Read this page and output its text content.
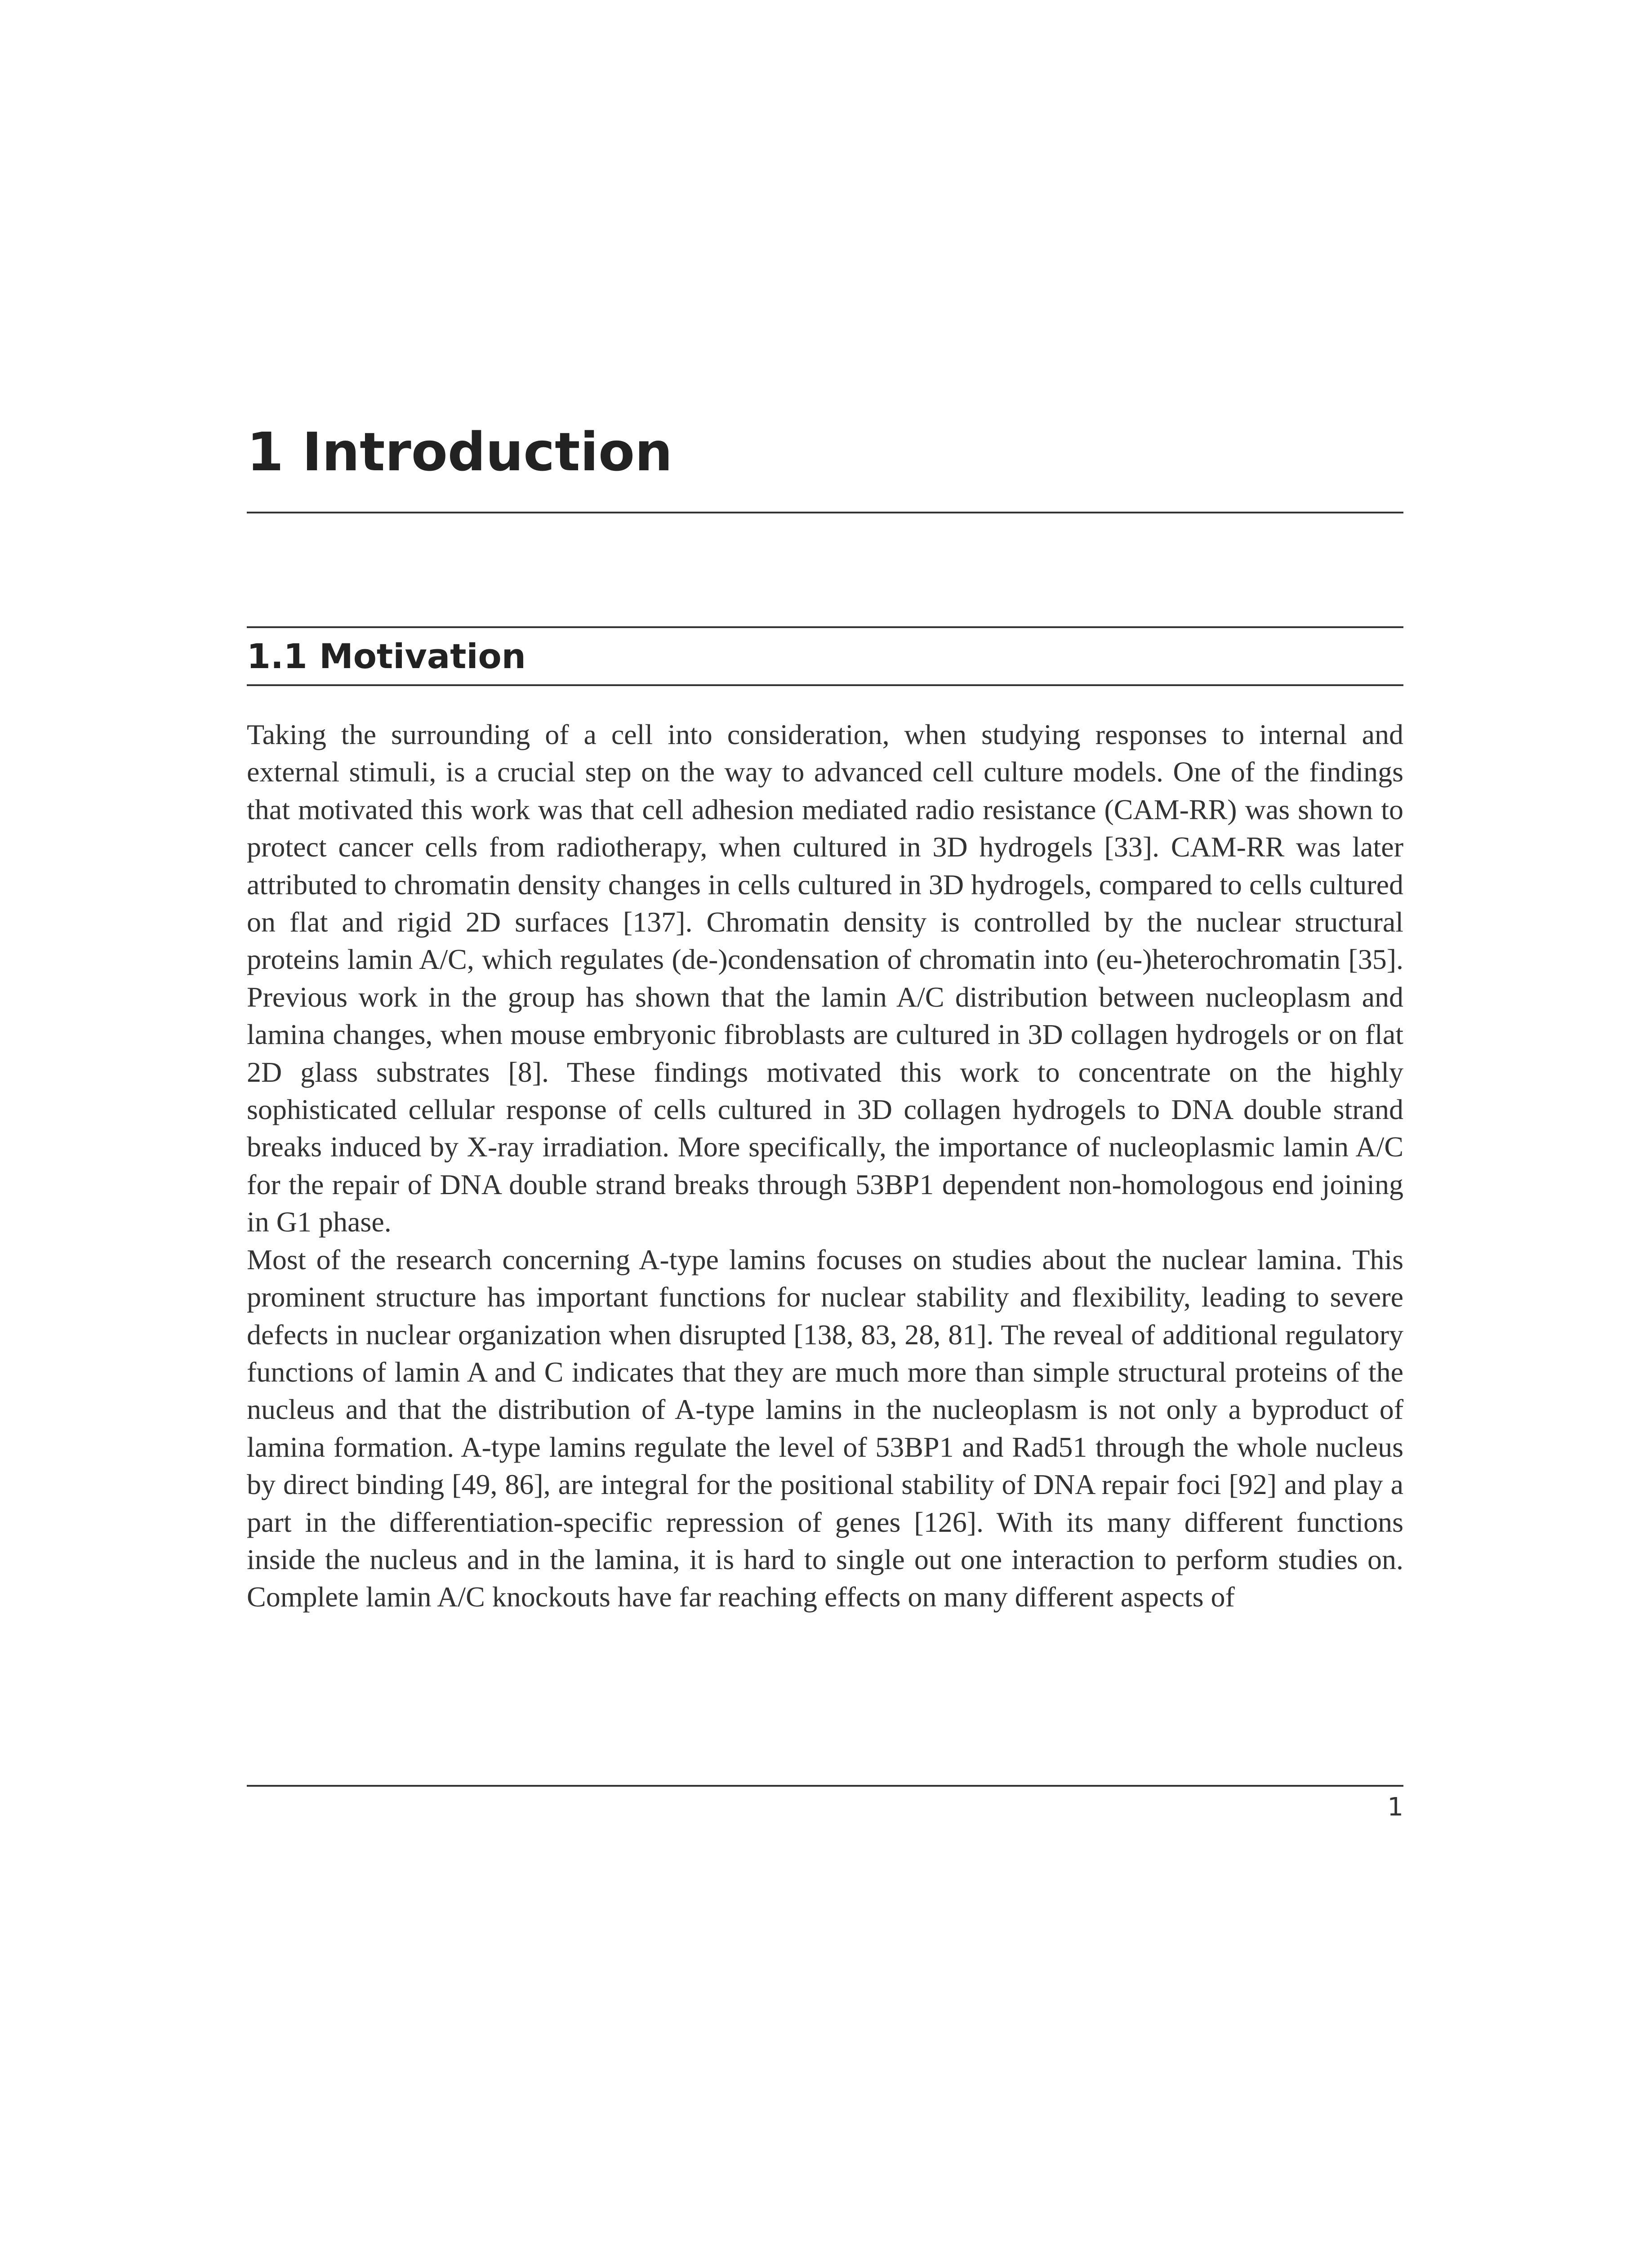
1 Introduction
1.1 Motivation

Taking the surrounding of a cell into consideration, when studying responses to internal and external stimuli, is a crucial step on the way to advanced cell culture models. One of the findings that motivated this work was that cell adhesion mediated radio resistance (CAM-RR) was shown to protect cancer cells from radiotherapy, when cultured in 3D hydrogels [33]. CAM-RR was later attributed to chromatin density changes in cells cultured in 3D hydrogels, compared to cells cultured on flat and rigid 2D surfaces [137]. Chromatin density is controlled by the nuclear structural proteins lamin A/C, which regulates (de-)condensation of chromatin into (eu-)heterochromatin [35]. Previous work in the group has shown that the lamin A/C distribution between nucleoplasm and lamina changes, when mouse embryonic fibroblasts are cultured in 3D collagen hydrogels or on flat 2D glass substrates [8]. These findings motivated this work to concentrate on the highly sophisticated cellular response of cells cultured in 3D collagen hydrogels to DNA double strand breaks induced by X-ray irradiation. More specifically, the importance of nucleoplasmic lamin A/C for the repair of DNA double strand breaks through 53BP1 dependent non-homologous end joining in G1 phase.

Most of the research concerning A-type lamins focuses on studies about the nuclear lamina. This prominent structure has important functions for nuclear stability and flexibility, leading to severe defects in nuclear organization when disrupted [138, 83, 28, 81]. The reveal of additional regulatory functions of lamin A and C indicates that they are much more than simple structural proteins of the nucleus and that the distribution of A-type lamins in the nucleoplasm is not only a byproduct of lamina formation. A-type lamins regulate the level of 53BP1 and Rad51 through the whole nucleus by direct binding [49, 86], are integral for the positional stability of DNA repair foci [92] and play a part in the differentiation-specific repression of genes [126]. With its many different functions inside the nucleus and in the lamina, it is hard to single out one interaction to perform studies on. Complete lamin A/C knockouts have far reaching effects on many different aspects of

1
